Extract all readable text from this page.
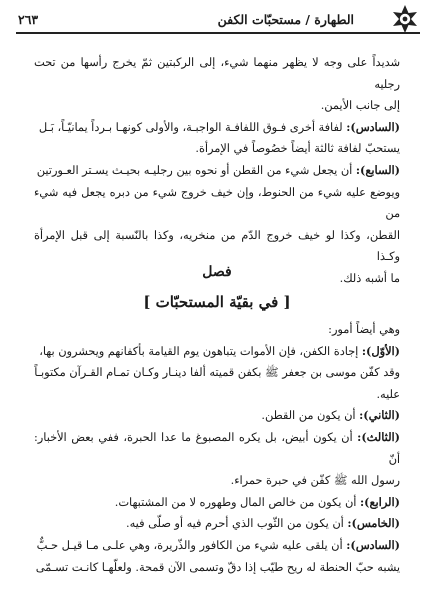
الطهارة / مستحبّات الكفن
٢٦٣

شديداً على وجه لا يظهر منهما شيء، إلى الركبتين ثمّ يخرج رأسها من تحت رجليه
إلى جانب الأيمن.

(السادس): لفافة أخرى فـوق اللفافـة الواجبـة، والأولى كونهـا بـرداً يمانيّـاً، بَـل
يستحبّ لفافة ثالثة أيضاً خصُوصاً في الإمرأة.

(السابع): أن يجعل شيء من القطن أو نحوه بين رجليـه بحيـث يسـتر العـورتين
ويوضع عليه شيء من الحنوط، وإن خيف خروج شيء من دبره يجعل فيه شيء من
القطن، وكذا لو خيف خروج الدّم من منخريه، وكذا بالنّسبة إلى قبل الإمرأة وكـذا
ما أشبه ذلك.

فصل
[ في بقيّة المستحبّات ]

وهي أيضاً أمور:

(الأوّل): إجادة الكفن، فإن الأموات يتباهون يوم القيامة بأكفانهم ويحشرون بها،
وقد كفّن موسى بن جعفر ﷺ بكفن قميته ألفا دينـار وكـان تمـام القـرآن مكتوبـاً
عليه.

(الثاني): أن يكون من القطن.

(الثالث): أن يكون أبيض، بل يكره المصبوغ ما عدا الحبرة، ففي بعض الأخبار: أنّ
رسول الله ﷺ كفّن في حبرة حمراء.

(الرابع): أن يكون من خالص المال وطهوره لا من المشتبهات.

(الخامس): أن يكون من الثّوب الذي أحرم فيه أو صلّى فيه.

(السادس): أن يلقى عليه شيء من الكافور والذّريرة، وهي علـى مـا قيـل حـبٌّ
يشبه حبّ الحنطة له ريح طيّب إذا دقّ وتسمى الآن قمحة. ولعلّهـا كانـت تسـمّى
